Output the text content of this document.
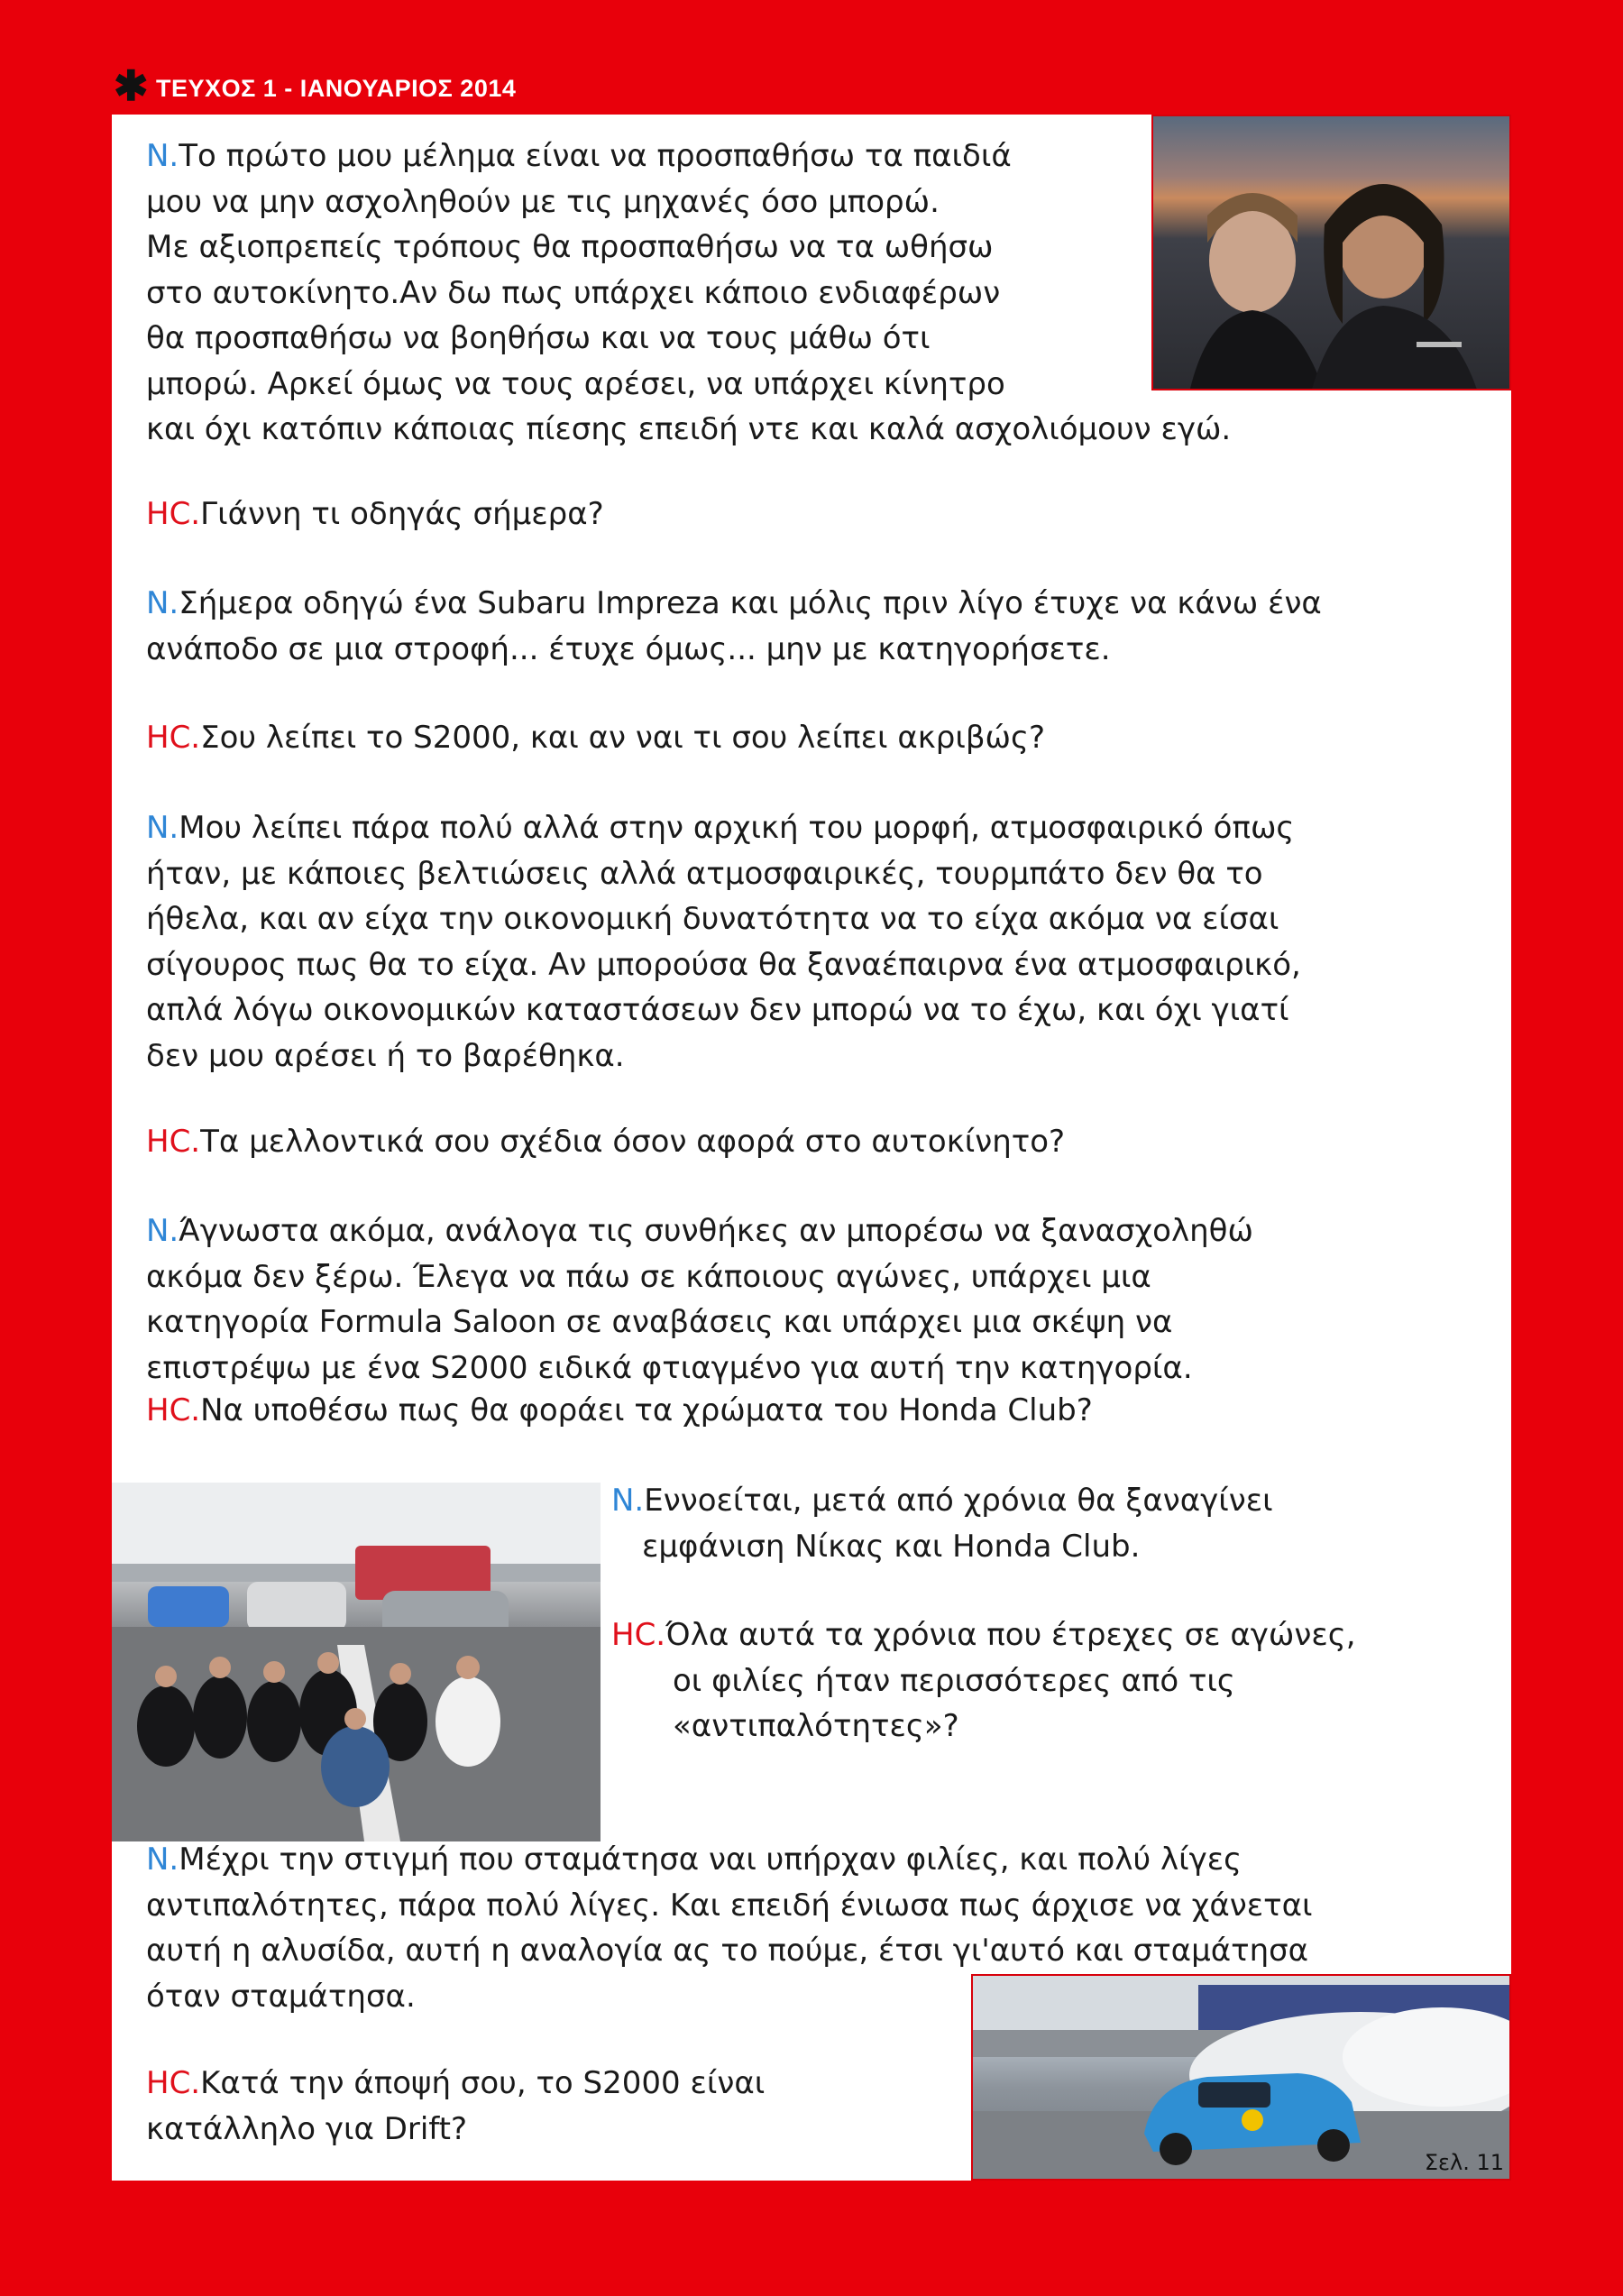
✱ ΤΕΥΧΟΣ 1 - ΙΑΝΟΥΑΡΙΟΣ 2014
Σελ. 11
N.Το πρώτο μου μέλημα είναι να προσπαθήσω τα παιδιά
μου να μην ασχοληθούν με τις μηχανές όσο μπορώ.
Με αξιοπρεπείς τρόπους θα προσπαθήσω να τα ωθήσω
στο αυτοκίνητο.Αν δω πως υπάρχει κάποιο ενδιαφέρων
θα προσπαθήσω να βοηθήσω και να τους μάθω ότι
μπορώ. Αρκεί όμως να τους αρέσει, να υπάρχει κίνητρο
και όχι κατόπιν κάποιας πίεσης επειδή ντε και καλά ασχολιόμουν εγώ.
HC.Γιάννη τι οδηγάς σήμερα?
N.Σήμερα οδηγώ ένα Subaru Impreza και μόλις πριν λίγο έτυχε να κάνω ένα
ανάποδο σε μια στροφή... έτυχε όμως... μην με κατηγορήσετε.
HC.Σου λείπει το S2000, και αν ναι τι σου λείπει ακριβώς?
N.Μου λείπει πάρα πολύ αλλά στην αρχική του μορφή, ατμοσφαιρικό όπως
ήταν, με κάποιες βελτιώσεις αλλά ατμοσφαιρικές, τουρμπάτο δεν θα το
ήθελα, και αν είχα την οικονομική δυνατότητα να το είχα ακόμα να είσαι
σίγουρος πως θα το είχα. Αν μπορούσα θα ξαναέπαιρνα ένα ατμοσφαιρικό,
απλά λόγω οικονομικών καταστάσεων δεν μπορώ να το έχω, και όχι γιατί
δεν μου αρέσει ή το βαρέθηκα.
HC.Τα μελλοντικά σου σχέδια όσον αφορά στο αυτοκίνητο?
N.Άγνωστα ακόμα, ανάλογα τις συνθήκες αν μπορέσω να ξανασχοληθώ
ακόμα δεν ξέρω. Έλεγα να πάω σε κάποιους αγώνες, υπάρχει μια
κατηγορία Formula Saloon σε αναβάσεις και υπάρχει μια σκέψη να
επιστρέψω με ένα S2000 ειδικά φτιαγμένο για αυτή την κατηγορία.
HC.Να υποθέσω πως θα φοράει τα χρώματα του Honda Club?
N.Εννοείται, μετά από χρόνια θα ξαναγίνει
εμφάνιση Νίκας και Honda Club.
HC.Όλα αυτά τα χρόνια που έτρεχες σε αγώνες,
οι φιλίες ήταν περισσότερες από τις
«αντιπαλότητες»?
N.Μέχρι την στιγμή που σταμάτησα ναι υπήρχαν φιλίες, και πολύ λίγες
αντιπαλότητες, πάρα πολύ λίγες. Και επειδή ένιωσα πως άρχισε να χάνεται
αυτή η αλυσίδα, αυτή η αναλογία ας το πούμε, έτσι γι'αυτό και σταμάτησα
όταν σταμάτησα.
HC.Κατά την άποψή σου, το S2000 είναι
κατάλληλο για Drift?
